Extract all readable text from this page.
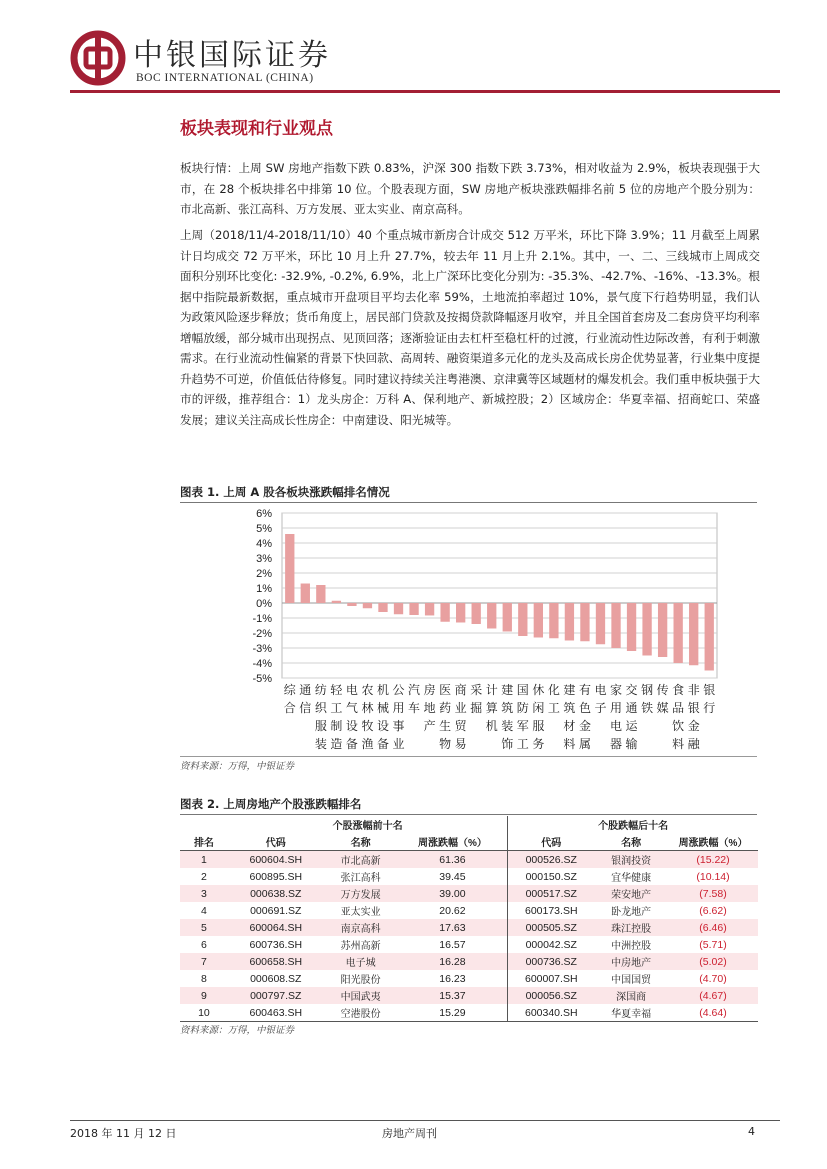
中银国际证券
BOC INTERNATIONAL (CHINA)
板块表现和行业观点

板块行情：上周 SW 房地产指数下跌 0.83%，沪深 300 指数下跌 3.73%，相对收益为 2.9%，板块表现强于大市，在 28 个板块排名中排第 10 位。个股表现方面，SW 房地产板块涨跌幅排名前 5 位的房地产个股分别为：市北高新、张江高科、万方发展、亚太实业、南京高科。

上周（2018/11/4-2018/11/10）40 个重点城市新房合计成交 512 万平米，环比下降 3.9%；11 月截至上周累计日均成交 72 万平米，环比 10 月上升 27.7%，较去年 11 月上升 2.1%。其中，一、二、三线城市上周成交面积分别环比变化: -32.9%, -0.2%, 6.9%，北上广深环比变化分别为: -35.3%、-42.7%、-16%、-13.3%。根据中指院最新数据，重点城市开盘项目平均去化率 59%，土地流拍率超过 10%，景气度下行趋势明显，我们认为政策风险逐步释放；货币角度上，居民部门贷款及按揭贷款降幅逐月收窄，并且全国首套房及二套房贷平均利率增幅放缓，部分城市出现拐点、见顶回落；逐渐验证由去杠杆至稳杠杆的过渡，行业流动性边际改善，有利于刺激需求。在行业流动性偏紧的背景下快回款、高周转、融资渠道多元化的龙头及高成长房企优势显著，行业集中度提升趋势不可逆，价值低估待修复。同时建议持续关注粤港澳、京津冀等区域题材的爆发机会。我们重申板块强于大市的评级，推荐组合：1）龙头房企：万科 A、保利地产、新城控股；2）区域房企：华夏幸福、招商蛇口、荣盛发展；建议关注高成长性房企：中南建设、阳光城等。

图表 1. 上周 A 股各板块涨跌幅排名情况
6%
5%
4%
3%
2%
1%
0%
-1%
-2%
-3%
-4%
-5%
综合
通信
纺织服装
轻工制造
电气设备
农林牧渔
机械设备
公用事业
汽车
房地产
医药生物
商业贸易
采掘
计算机
建筑装饰
国防军工
休闲服务
化工
建筑材料
有色金属
电子
家用电器
交通运输
钢铁
传媒
食品饮料
非银金融
银行
资料来源：万得，中银证券
图表 2. 上周房地产个股涨跌幅排名
	个股涨幅前十名			个股跌幅后十名		
排名	代码	名称	周涨跌幅（%）	代码	名称	周涨跌幅（%）
1	600604.SH	市北高新	61.36	000526.SZ	银润投资	(15.22)
2	600895.SH	张江高科	39.45	000150.SZ	宜华健康	(10.14)
3	000638.SZ	万方发展	39.00	000517.SZ	荣安地产	(7.58)
4	000691.SZ	亚太实业	20.62	600173.SH	卧龙地产	(6.62)
5	600064.SH	南京高科	17.63	000505.SZ	珠江控股	(6.46)
6	600736.SH	苏州高新	16.57	000042.SZ	中洲控股	(5.71)
7	600658.SH	电子城	16.28	000736.SZ	中房地产	(5.02)
8	000608.SZ	阳光股份	16.23	600007.SH	中国国贸	(4.70)
9	000797.SZ	中国武夷	15.37	000056.SZ	深国商	(4.67)
10	600463.SH	空港股份	15.29	600340.SH	华夏幸福	(4.64)
资料来源：万得，中银证券
2018 年 11 月 12 日	房地产周刊	4
